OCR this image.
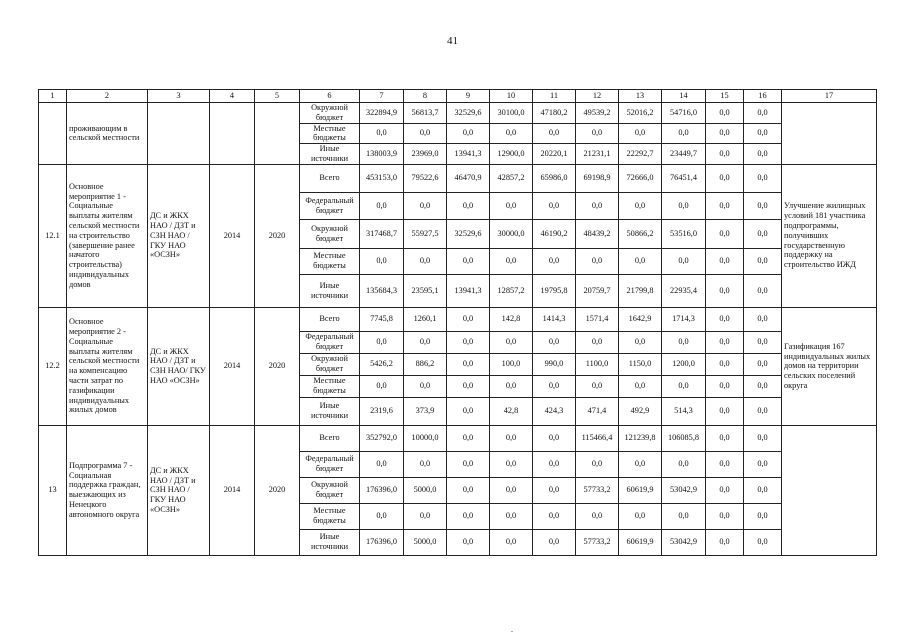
41
1	2	3	4	5	6	7	8	9	10	11	12	13	14	15	16	17
	проживающим в сельской местности				Окружной бюджет	322894,9	56813,7	32529,6	30100,0	47180,2	49539,2	52016,2	54716,0	0,0	0,0	
					Местные бюджеты	0,0	0,0	0,0	0,0	0,0	0,0	0,0	0,0	0,0	0,0	
					Иные источники	138003,9	23969,0	13941,3	12900,0	20220,1	21231,1	22292,7	23449,7	0,0	0,0	
12.1	Основное мероприятие 1 - Социальные выплаты жителям сельской местности на строительство (завершение ранее начатого строительства) индивидуальных домов	ДС и ЖКХ НАО / ДЗТ и СЗН НАО / ГКУ НАО «ОСЗН»	2014	2020	Всего	453153,0	79522,6	46470,9	42857,2	65986,0	69198,9	72666,0	76451,4	0,0	0,0	Улучшение жилищных условий 181 участника подпрограммы, получивших государственную поддержку на строительство ИЖД
					Федеральный бюджет	0,0	0,0	0,0	0,0	0,0	0,0	0,0	0,0	0,0	0,0	
					Окружной бюджет	317468,7	55927,5	32529,6	30000,0	46190,2	48439,2	50866,2	53516,0	0,0	0,0	
					Местные бюджеты	0,0	0,0	0,0	0,0	0,0	0,0	0,0	0,0	0,0	0,0	
					Иные источники	135684,3	23595,1	13941,3	12857,2	19795,8	20759,7	21799,8	22935,4	0,0	0,0	
12.2	Основное мероприятие 2 - Социальные выплаты жителям сельской местности на компенсацию части затрат по газификации индивидуальных жилых домов	ДС и ЖКХ НАО / ДЗТ и СЗН НАО/ ГКУ НАО «ОСЗН»	2014	2020	Всего	7745,8	1260,1	0,0	142,8	1414,3	1571,4	1642,9	1714,3	0,0	0,0	Газификация 167 индивидуальных жилых домов на территории сельских поселений округа
					Федеральный бюджет	0,0	0,0	0,0	0,0	0,0	0,0	0,0	0,0	0,0	0,0	
					Окружной бюджет	5426,2	886,2	0,0	100,0	990,0	1100,0	1150,0	1200,0	0,0	0,0	
					Местные бюджеты	0,0	0,0	0,0	0,0	0,0	0,0	0,0	0,0	0,0	0,0	
					Иные источники	2319,6	373,9	0,0	42,8	424,3	471,4	492,9	514,3	0,0	0,0	
13	Подпрограмма 7 - Социальная поддержка граждан, выезжающих из Ненецкого автономного округа	ДС и ЖКХ НАО / ДЗТ и СЗН НАО / ГКУ НАО «ОСЗН»	2014	2020	Всего	352792,0	10000,0	0,0	0,0	0,0	115466,4	121239,8	106085,8	0,0	0,0	
					Федеральный бюджет	0,0	0,0	0,0	0,0	0,0	0,0	0,0	0,0	0,0	0,0	
					Окружной бюджет	176396,0	5000,0	0,0	0,0	0,0	57733,2	60619,9	53042,9	0,0	0,0	
					Местные бюджеты	0,0	0,0	0,0	0,0	0,0	0,0	0,0	0,0	0,0	0,0	
					Иные источники	176396,0	5000,0	0,0	0,0	0,0	57733,2	60619,9	53042,9	0,0	0,0	
.
